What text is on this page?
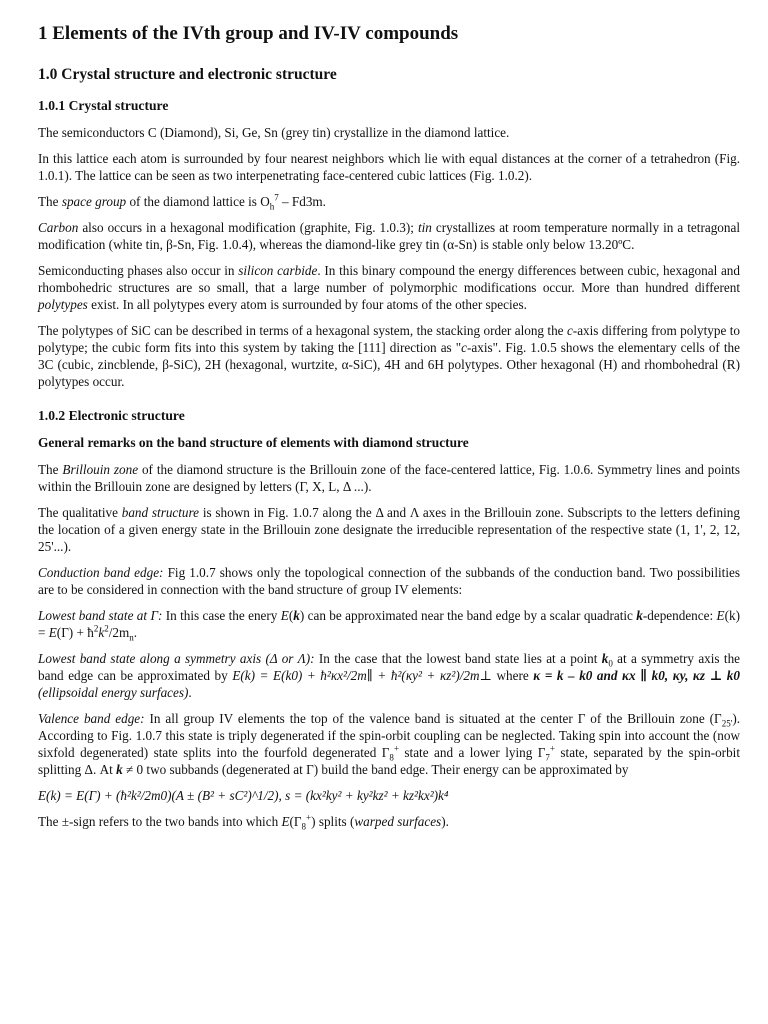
1 Elements of the IVth group and IV-IV compounds
1.0 Crystal structure and electronic structure
1.0.1 Crystal structure

The semiconductors C (Diamond), Si, Ge, Sn (grey tin) crystallize in the diamond lattice.

In this lattice each atom is surrounded by four nearest neighbors which lie with equal distances at the corner of a tetrahedron (Fig. 1.0.1). The lattice can be seen as two interpenetrating face-centered cubic lattices (Fig. 1.0.2).

The space group of the diamond lattice is $O_h^7 - Fd3m$.

Carbon also occurs in a hexagonal modification (graphite, Fig. 1.0.3); tin crystallizes at room temperature normally in a tetragonal modification (white tin, β-Sn, Fig. 1.0.4), whereas the diamond-like grey tin (α-Sn) is stable only below 13.20ºC.

Semiconducting phases also occur in silicon carbide. In this binary compound the energy differences between cubic, hexagonal and rhombohedric structures are so small, that a large number of polymorphic modifications occur. More than hundred different polytypes exist. In all polytypes every atom is surrounded by four atoms of the other species.

The polytypes of SiC can be described in terms of a hexagonal system, the stacking order along the c-axis differing from polytype to polytype; the cubic form fits into this system by taking the [111] direction as "c-axis". Fig. 1.0.5 shows the elementary cells of the 3C (cubic, zincblende, β-SiC), 2H (hexagonal, wurtzite, α-SiC), 4H and 6H polytypes. Other hexagonal (H) and rhombohedral (R) polytypes occur.

1.0.2 Electronic structure
General remarks on the band structure of elements with diamond structure

The Brillouin zone of the diamond structure is the Brillouin zone of the face-centered lattice, Fig. 1.0.6. Symmetry lines and points within the Brillouin zone are designed by letters (Γ, X, L, Δ ...).

The qualitative band structure is shown in Fig. 1.0.7 along the Δ and Λ axes in the Brillouin zone. Subscripts to the letters defining the location of a given energy state in the Brillouin zone designate the irreducible representation of the respective state (1, 1', 2, 12, 25'...).

Conduction band edge: Fig 1.0.7 shows only the topological connection of the subbands of the conduction band. Two possibilities are to be considered in connection with the band structure of group IV elements:

Lowest band state at Γ: In this case the enery E(k) can be approximated near the band edge by a scalar quadratic k-dependence: $E(k) = E(\Gamma) + ħ^2k^2/2m_n$.

Lowest band state along a symmetry axis (Δ or Λ): In the case that the lowest band state lies at a point $k_0$ at a symmetry axis the band edge can be approximated by E(k) = E(k0) + ħ²κx²/2m∥ + ħ²(κy² + κz²)/2m⊥ where κ = k – k0 and κx ∥ k0, κy, κz ⊥ k0 (ellipsoidal energy surfaces).

Valence band edge: In all group IV elements the top of the valence band is situated at the center Γ of the Brillouin zone $(\Gamma_{25'})$. According to Fig. 1.0.7 this state is triply degenerated if the spin-orbit coupling can be neglected. Taking spin into account the (now sixfold degenerated) state splits into the fourfold degenerated $\Gamma_8^+$ state and a lower lying $\Gamma_7^+$ state, separated by the spin-orbit splitting Δ. At k ≠ 0 two subbands (degenerated at Γ) build the band edge. Their energy can be approximated by

E(k) = E(Γ) + (ħ²k²/2m0)(A ± (B² + sC²)^1/2), s = (kx²ky² + ky²kz² + kz²kx²)k⁴

The ±-sign refers to the two bands into which $E(\Gamma_8^+)$ splits (warped surfaces).
